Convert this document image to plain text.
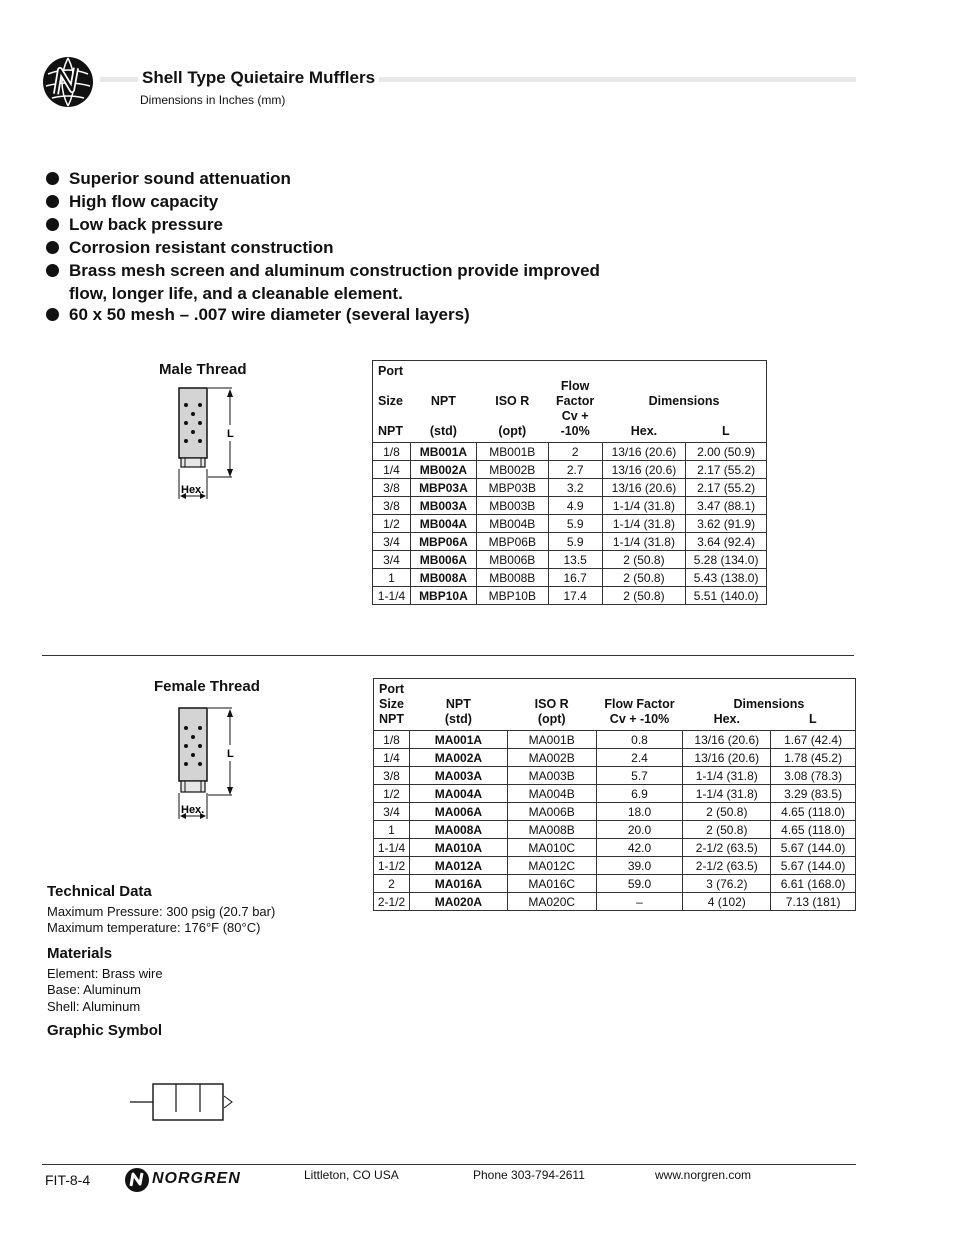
Shell Type Quietaire Mufflers
Dimensions in Inches (mm)
Superior sound attenuation
High flow capacity
Low back pressure
Corrosion resistant construction
Brass mesh screen and aluminum construction provide improved flow, longer life, and a cleanable element.
60 x 50 mesh – .007 wire diameter (several layers)
Male Thread
L
Hex.
Port					
Size	NPT	ISO R	Flow Factor	Dimensions	
NPT	(std)	(opt)	Cv + -10%	Hex.	L
1/8	MB001A	MB001B	2	13/16 (20.6)	2.00 (50.9)
1/4	MB002A	MB002B	2.7	13/16 (20.6)	2.17 (55.2)
3/8	MBP03A	MBP03B	3.2	13/16 (20.6)	2.17 (55.2)
3/8	MB003A	MB003B	4.9	1-1/4 (31.8)	3.47 (88.1)
1/2	MB004A	MB004B	5.9	1-1/4 (31.8)	3.62 (91.9)
3/4	MBP06A	MBP06B	5.9	1-1/4 (31.8)	3.64 (92.4)
3/4	MB006A	MB006B	13.5	2 (50.8)	5.28 (134.0)
1	MB008A	MB008B	16.7	2 (50.8)	5.43 (138.0)
1-1/4	MBP10A	MBP10B	17.4	2 (50.8)	5.51 (140.0)
Female Thread
L
Hex.
Port					
Size	NPT	ISO R	Flow Factor	Dimensions	
NPT	(std)	(opt)	Cv + -10%	Hex.	L
1/8	MA001A	MA001B	0.8	13/16 (20.6)	1.67 (42.4)
1/4	MA002A	MA002B	2.4	13/16 (20.6)	1.78 (45.2)
3/8	MA003A	MA003B	5.7	1-1/4 (31.8)	3.08 (78.3)
1/2	MA004A	MA004B	6.9	1-1/4 (31.8)	3.29 (83.5)
3/4	MA006A	MA006B	18.0	2 (50.8)	4.65 (118.0)
1	MA008A	MA008B	20.0	2 (50.8)	4.65 (118.0)
1-1/4	MA010A	MA010C	42.0	2-1/2 (63.5)	5.67 (144.0)
1-1/2	MA012A	MA012C	39.0	2-1/2 (63.5)	5.67 (144.0)
2	MA016A	MA016C	59.0	3 (76.2)	6.61 (168.0)
2-1/2	MA020A	MA020C	–	4 (102)	7.13 (181)
Technical Data
Maximum Pressure: 300 psig (20.7 bar)
Maximum temperature: 176°F (80°C)
Materials
Element: Brass wire
Base: Aluminum
Shell: Aluminum
Graphic Symbol
FIT-8-4	NORGREN	Littleton, CO USA	Phone 303-794-2611	www.norgren.com
